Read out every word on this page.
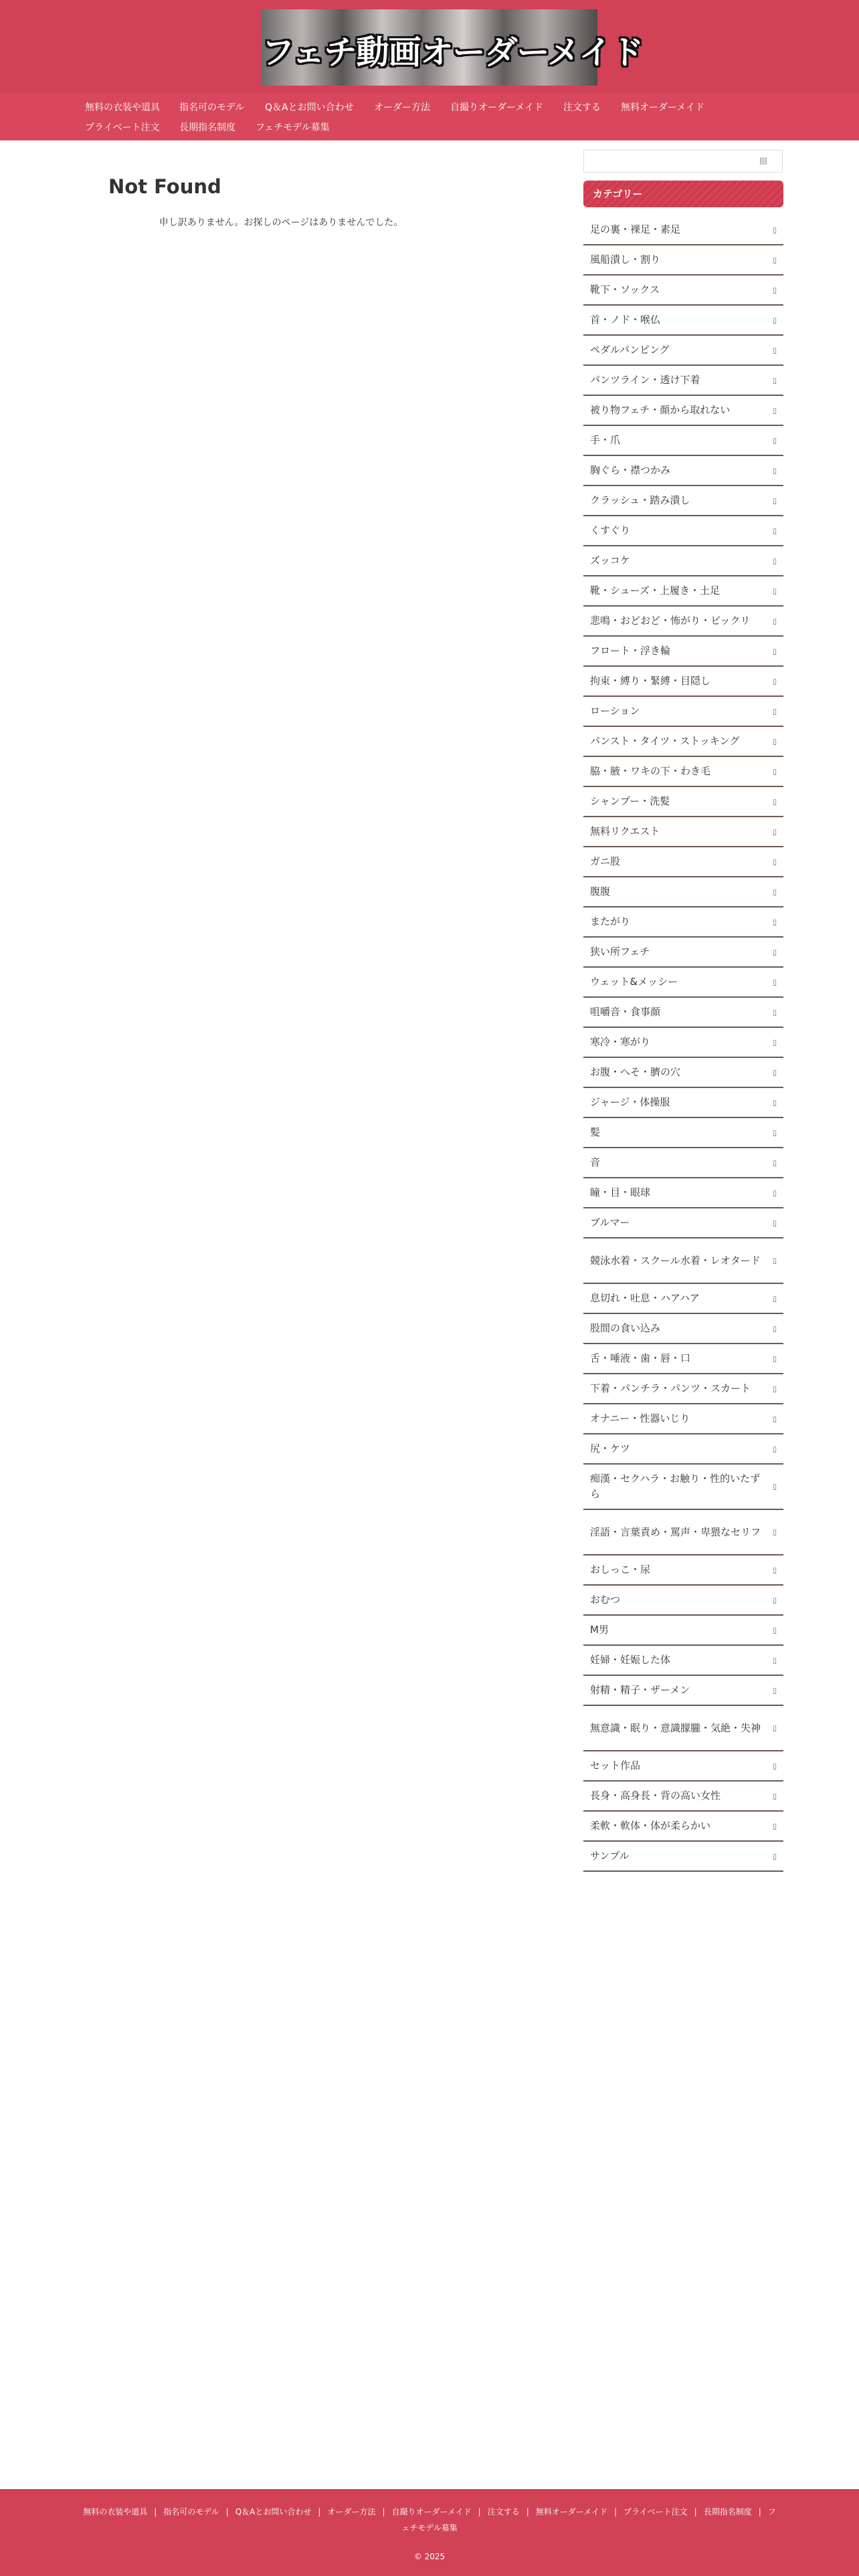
フェチ動画オーダーメイド
無料の衣装や道具 指名可のモデル Q＆Aとお問い合わせ オーダー方法 自撮りオーダーメイド 注文する 無料オーダーメイド
プライベート注文 長期指名制度 フェチモデル募集
Not Found
申し訳ありません。お探しのページはありませんでした。
▤
カテゴリー
足の裏・裸足・素足	▯
風船潰し・割り	▯
靴下・ソックス	▯
首・ノド・喉仏	▯
ペダルパンピング	▯
パンツライン・透け下着	▯
被り物フェチ・顔から取れない	▯
手・爪	▯
胸ぐら・襟つかみ	▯
クラッシュ・踏み潰し	▯
くすぐり	▯
ズッコケ	▯
靴・シューズ・上履き・土足	▯
悲鳴・おどおど・怖がり・ビックリ	▯
フロート・浮き輪	▯
拘束・縛り・緊縛・目隠し	▯
ローション	▯
パンスト・タイツ・ストッキング	▯
脇・腋・ワキの下・わき毛	▯
シャンプー・洗髪	▯
無料リクエスト	▯
ガニ股	▯
腹腹	▯
またがり	▯
狭い所フェチ	▯
ウェット&メッシー	▯
咀嚼音・食事顔	▯
寒冷・寒がり	▯
お腹・へそ・臍の穴	▯
ジャージ・体操服	▯
髪	▯
音	▯
瞳・目・眼球	▯
ブルマー	▯
競泳水着・スクール水着・レオタード ▯
息切れ・吐息・ハアハア	▯
股間の食い込み	▯
舌・唾液・歯・唇・口	▯
下着・パンチラ・パンツ・スカート	▯
オナニー・性器いじり	▯
尻・ケツ	▯
痴漢・セクハラ・お触り・性的いたずら
▯
淫語・言葉責め・罵声・卑猥なセリフ ▯
おしっこ・尿	▯
おむつ	▯
M男	▯
妊婦・妊娠した体	▯
射精・精子・ザーメン	▯
無意識・眠り・意識朦朧・気絶・失神 ▯
セット作品	▯
長身・高身長・背の高い女性	▯
柔軟・軟体・体が柔らかい	▯
サンプル	▯
無料の衣装や道具 | 指名可のモデル | Q＆Aとお問い合わせ | オーダー方法 | 自撮りオーダーメイド | 注文する | 無料オーダーメイド | プライベート注文 | 長期指名制度 | フェチモデル募集
© 2025
